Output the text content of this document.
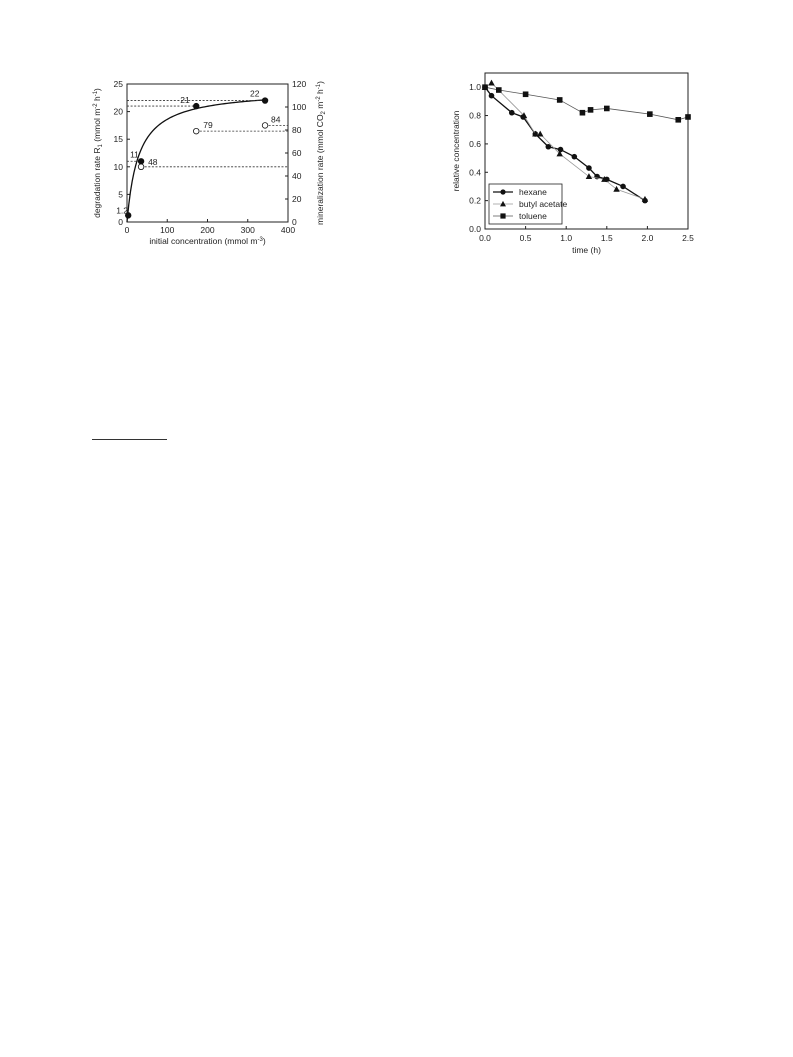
0	100	200	300	400
0
5
10
15
20
25
0
20
40
60
80
100
120
initial concentration (mmol $m^{-3}$)
degradation rate $R_1$ (mmol $m^{-2}$ $h^{-1}$)
mineralization rate (mmol $CO_2$ $m^{-2}$ $h^{-1}$)
1.2
11
48
21
79
22
84
0.0	0.5	1.0	1.5	2.0	2.5
0.0
0.2
0.4
0.6
0.8
1.0
time (h)
relative concentration
hexane
butyl acetate
toluene
